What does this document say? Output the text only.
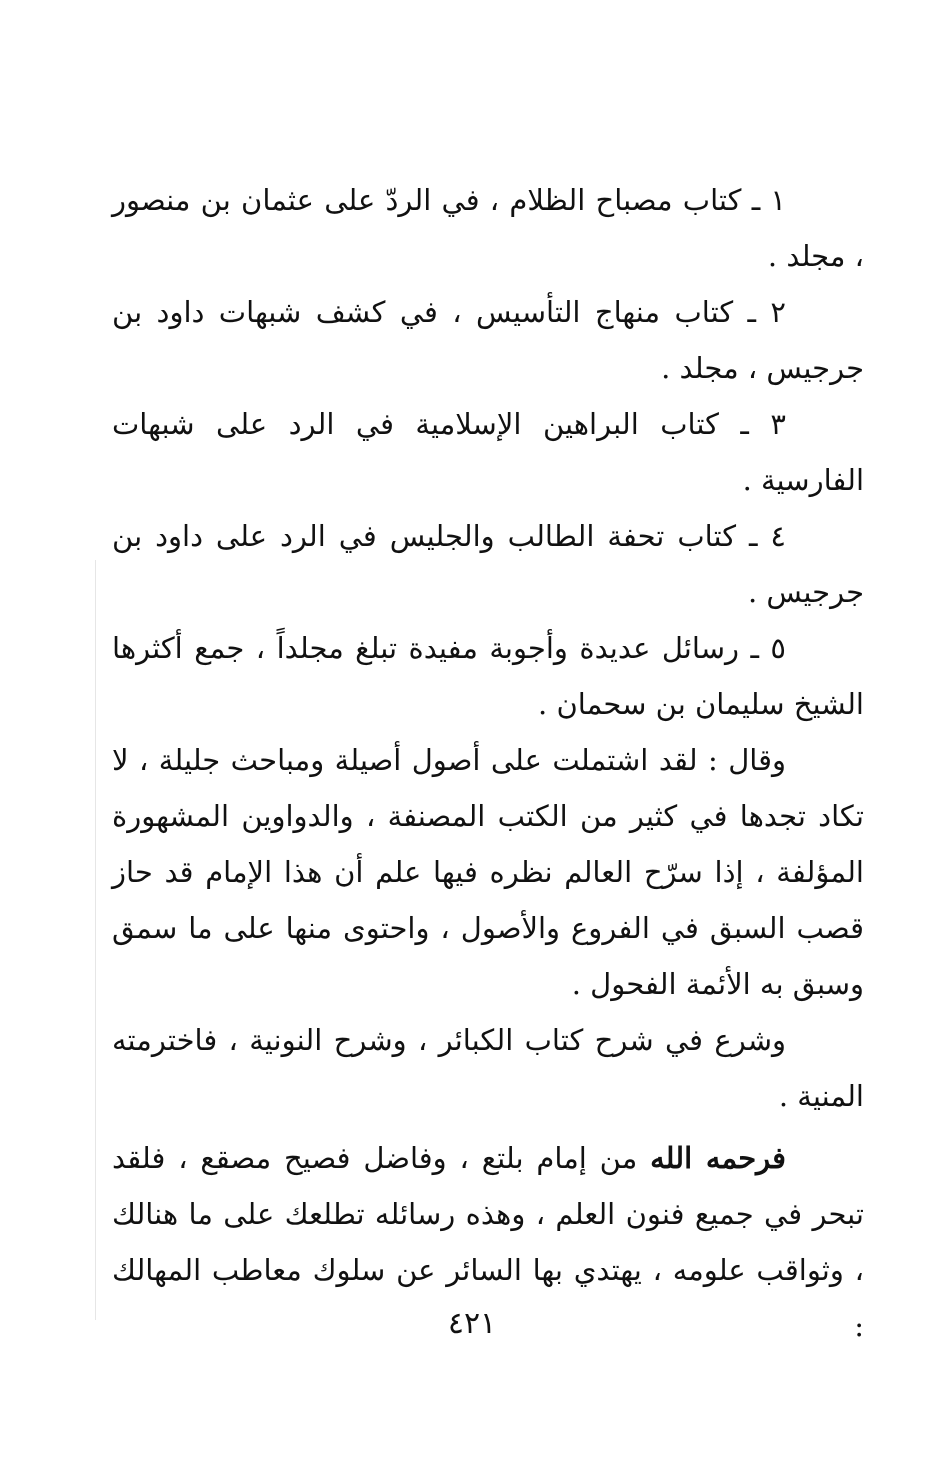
١ ـ كتاب مصباح الظلام ، في الردّ على عثمان بن منصور ، مجلد .

٢ ـ كتاب منهاج التأسيس ، في كشف شبهات داود بن جرجيس ، مجلد .

٣ ـ كتاب البراهين الإسلامية في الرد على شبهات الفارسية .

٤ ـ كتاب تحفة الطالب والجليس في الرد على داود بن جرجيس .

٥ ـ رسائل عديدة وأجوبة مفيدة تبلغ مجلداً ، جمع أكثرها الشيخ سليمان بن سحمان .

وقال : لقد اشتملت على أصول أصيلة ومباحث جليلة ، لا تكاد تجدها في كثير من الكتب المصنفة ، والدواوين المشهورة المؤلفة ، إذا سرّح العالم نظره فيها علم أن هذا الإمام قد حاز قصب السبق في الفروع والأصول ، واحتوى منها على ما سمق وسبق به الأئمة الفحول .

وشرع في شرح كتاب الكبائر ، وشرح النونية ، فاخترمته المنية .

فرحمه الله من إمام بلتع ، وفاضل فصيح مصقع ، فلقد تبحر في جميع فنون العلم ، وهذه رسائله تطلعك على ما هنالك ، وثواقب علومه ، يهتدي بها السائر عن سلوك معاطب المهالك :

٤٢١
